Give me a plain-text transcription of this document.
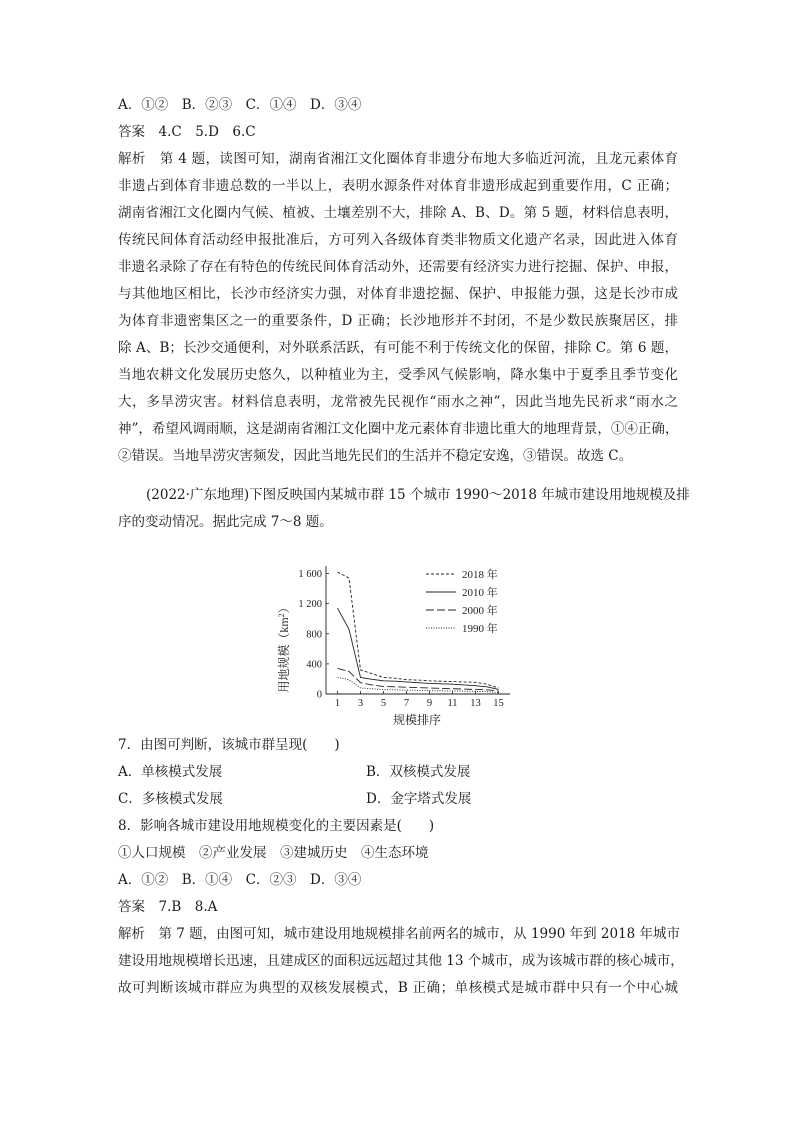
A．①②　B．②③　C．①④　D．③④
答案　4.C　5.D　6.C
解析　第 4 题，读图可知，湖南省湘江文化圈体育非遗分布地大多临近河流，且龙元素体育
非遗占到体育非遗总数的一半以上，表明水源条件对体育非遗形成起到重要作用，C 正确；
湖南省湘江文化圈内气候、植被、土壤差别不大，排除 A、B、D。第 5 题，材料信息表明，
传统民间体育活动经申报批准后，方可列入各级体育类非物质文化遗产名录，因此进入体育
非遗名录除了存在有特色的传统民间体育活动外，还需要有经济实力进行挖掘、保护、申报，
与其他地区相比，长沙市经济实力强，对体育非遗挖掘、保护、申报能力强，这是长沙市成
为体育非遗密集区之一的重要条件，D 正确；长沙地形并不封闭，不是少数民族聚居区，排
除 A、B；长沙交通便利，对外联系活跃，有可能不利于传统文化的保留，排除 C。第 6 题，
当地农耕文化发展历史悠久，以种植业为主，受季风气候影响，降水集中于夏季且季节变化
大，多旱涝灾害。材料信息表明，龙常被先民视作“雨水之神”，因此当地先民祈求“雨水之
神”，希望风调雨顺，这是湖南省湘江文化圈中龙元素体育非遗比重大的地理背景，①④正确，
②错误。当地旱涝灾害频发，因此当地先民们的生活并不稳定安逸，③错误。故选 C。
(2022·广东地理)下图反映国内某城市群 15 个城市 1990～2018 年城市建设用地规模及排
序的变动情况。据此完成 7～8 题。
0
400
800
1 200
1 600
1 3 5 7 9 11 13 15
2018 年
2010 年
2000 年
1990 年
用地规模$(km^2)$
规模排序
7．由图可判断，该城市群呈现(　　)
A．单核模式发展	B．双核模式发展
C．多核模式发展	D．金字塔式发展
8．影响各城市建设用地规模变化的主要因素是(　　)
①人口规模　②产业发展　③建城历史　④生态环境
A．①②　B．①④　C．②③　D．③④
答案　7.B　8.A
解析　第 7 题，由图可知，城市建设用地规模排名前两名的城市，从 1990 年到 2018 年城市
建设用地规模增长迅速，且建成区的面积远远超过其他 13 个城市，成为该城市群的核心城市，
故可判断该城市群应为典型的双核发展模式，B 正确；单核模式是城市群中只有一个中心城
